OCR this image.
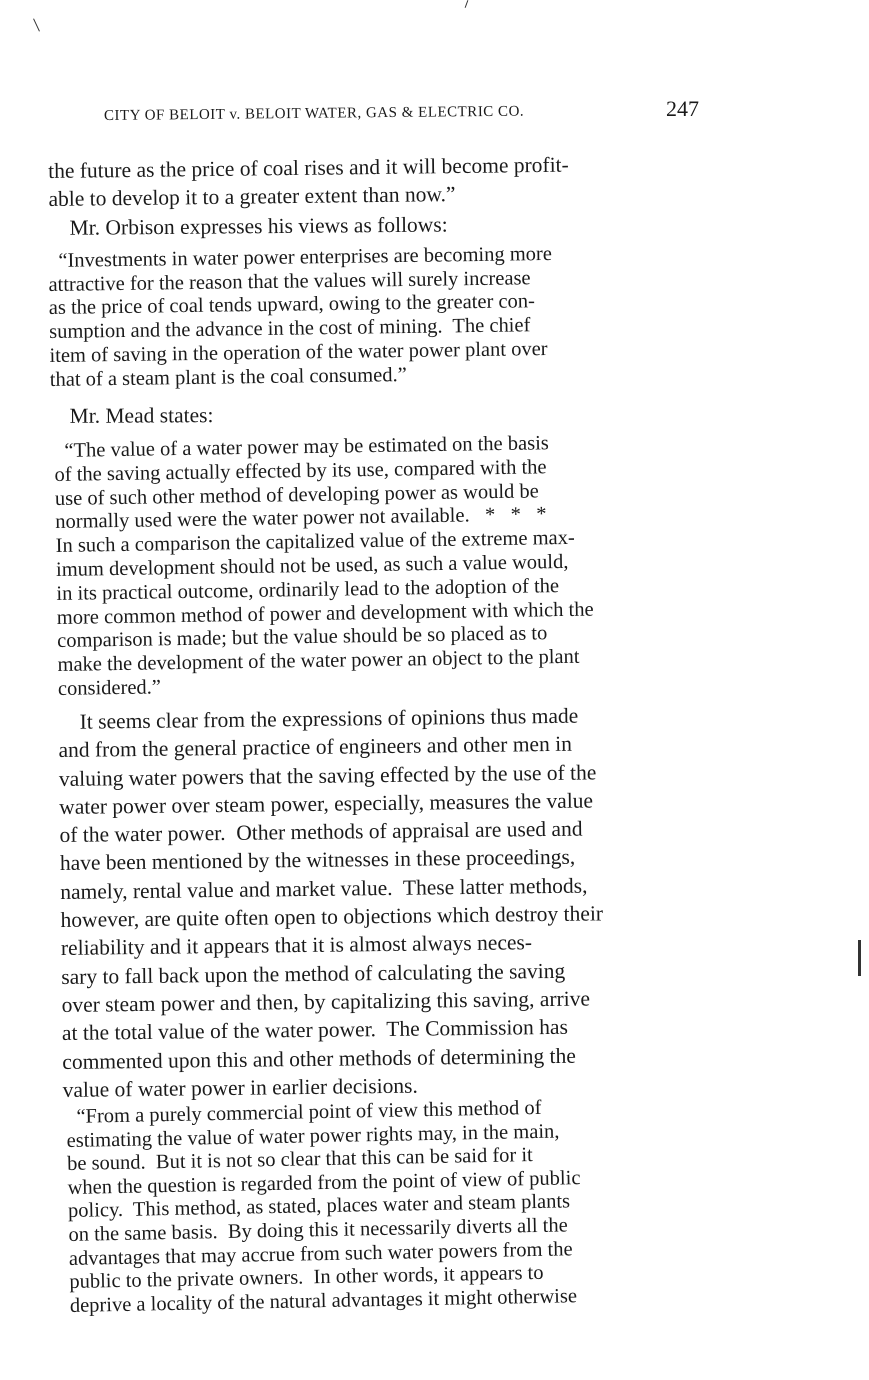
CITY OF BELOIT v. BELOIT WATER, GAS & ELECTRIC CO.	247
the future as the price of coal rises and it will become profit-
able to develop it to a greater extent than now.”
Mr. Orbison expresses his views as follows:
“Investments in water power enterprises are becoming more
attractive for the reason that the values will surely increase
as the price of coal tends upward, owing to the greater con-
sumption and the advance in the cost of mining.  The chief
item of saving in the operation of the water power plant over
that of a steam plant is the coal consumed.”
Mr. Mead states:
“The value of a water power may be estimated on the basis
of the saving actually effected by its use, compared with the
use of such other method of developing power as would be
normally used were the water power not available.   *   *   *
In such a comparison the capitalized value of the extreme max-
imum development should not be used, as such a value would,
in its practical outcome, ordinarily lead to the adoption of the
more common method of power and development with which the
comparison is made; but the value should be so placed as to
make the development of the water power an object to the plant
considered.”
It seems clear from the expressions of opinions thus made
and from the general practice of engineers and other men in
valuing water powers that the saving effected by the use of the
water power over steam power, especially, measures the value
of the water power.  Other methods of appraisal are used and
have been mentioned by the witnesses in these proceedings,
namely, rental value and market value.  These latter methods,
however, are quite often open to objections which destroy their
reliability and it appears that it is almost always neces-
sary to fall back upon the method of calculating the saving
over steam power and then, by capitalizing this saving, arrive
at the total value of the water power.  The Commission has
commented upon this and other methods of determining the
value of water power in earlier decisions.
“From a purely commercial point of view this method of
estimating the value of water power rights may, in the main,
be sound.  But it is not so clear that this can be said for it
when the question is regarded from the point of view of public
policy.  This method, as stated, places water and steam plants
on the same basis.  By doing this it necessarily diverts all the
advantages that may accrue from such water powers from the
public to the private owners.  In other words, it appears to
deprive a locality of the natural advantages it might otherwise
